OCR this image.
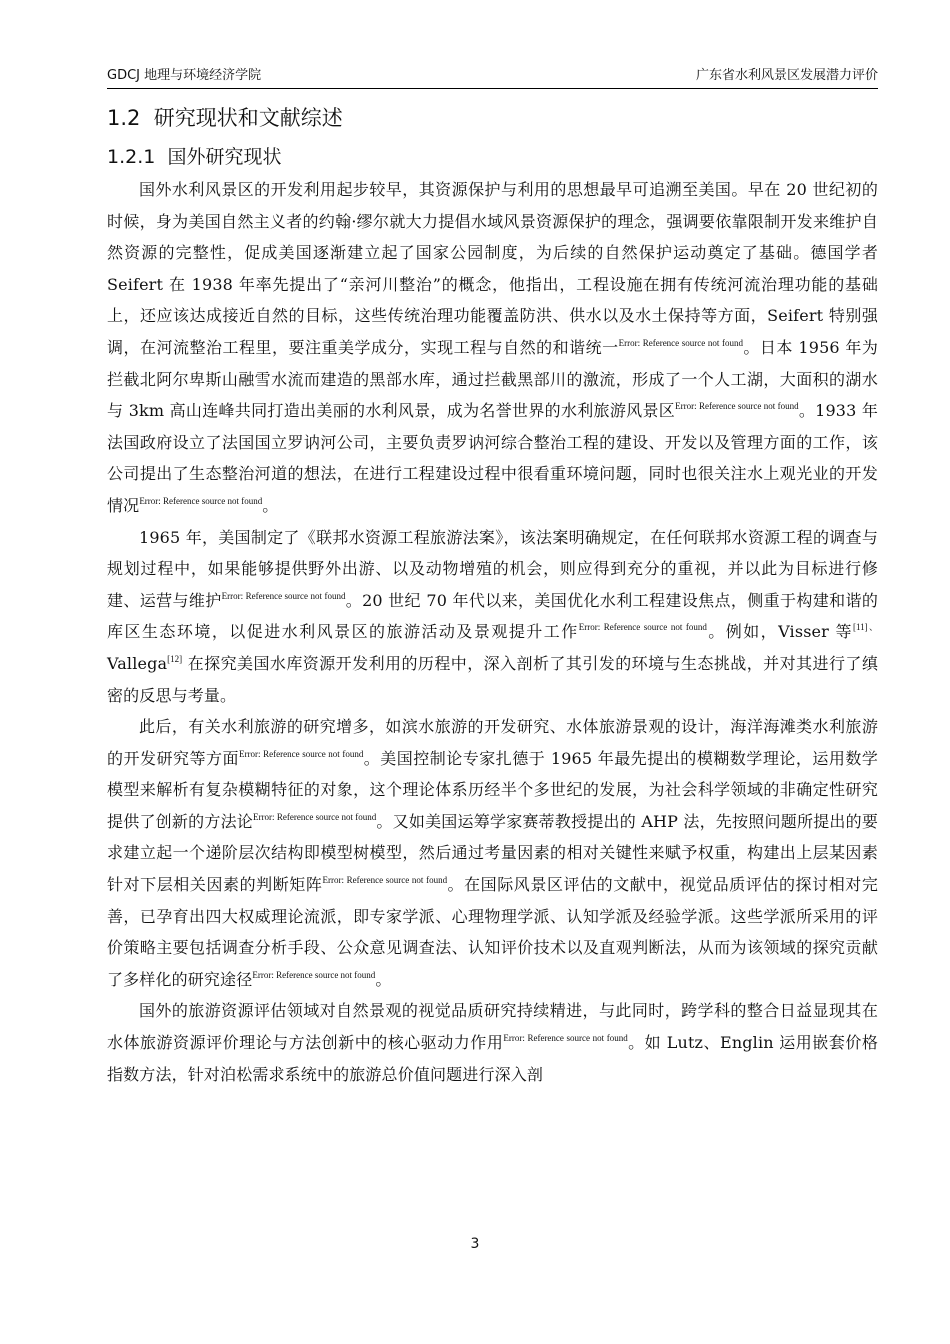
GDCJ 地理与环境经济学院	广东省水利风景区发展潜力评价
1.2 研究现状和文献综述
1.2.1 国外研究现状

国外水利风景区的开发利用起步较早，其资源保护与利用的思想最早可追溯至美国。早在 20 世纪初的时候，身为美国自然主义者的约翰·缪尔就大力提倡水域风景资源保护的理念，强调要依靠限制开发来维护自然资源的完整性，促成美国逐渐建立起了国家公园制度，为后续的自然保护运动奠定了基础。德国学者 Seifert 在 1938 年率先提出了“亲河川整治”的概念，他指出，工程设施在拥有传统河流治理功能的基础上，还应该达成接近自然的目标，这些传统治理功能覆盖防洪、供水以及水土保持等方面，Seifert 特别强调，在河流整治工程里，要注重美学成分，实现工程与自然的和谐统一$^{Error: Reference source not found}$。日本 1956 年为拦截北阿尔卑斯山融雪水流而建造的黑部水库，通过拦截黑部川的激流，形成了一个人工湖，大面积的湖水与 3km 高山连峰共同打造出美丽的水利风景，成为名誉世界的水利旅游风景区$^{Error: Reference source not found}$。1933 年法国政府设立了法国国立罗讷河公司，主要负责罗讷河综合整治工程的建设、开发以及管理方面的工作，该公司提出了生态整治河道的想法，在进行工程建设过程中很看重环境问题，同时也很关注水上观光业的开发情况$^{Error: Reference source not found}$。

1965 年，美国制定了《联邦水资源工程旅游法案》，该法案明确规定，在任何联邦水资源工程的调查与规划过程中，如果能够提供野外出游、以及动物增殖的机会，则应得到充分的重视，并以此为目标进行修建、运营与维护$^{Error: Reference source not found}$。20 世纪 70 年代以来，美国优化水利工程建设焦点，侧重于构建和谐的库区生态环境，以促进水利风景区的旅游活动及景观提升工作$^{Error: Reference source not found}$。例如，Visser 等$^{[11]、}$Vallega[12] 在探究美国水库资源开发利用的历程中，深入剖析了其引发的环境与生态挑战，并对其进行了缜密的反思与考量。

此后，有关水利旅游的研究增多，如滨水旅游的开发研究、水体旅游景观的设计，海洋海滩类水利旅游的开发研究等方面$^{Error: Reference source not found}$。美国控制论专家扎德于 1965 年最先提出的模糊数学理论，运用数学模型来解析有复杂模糊特征的对象，这个理论体系历经半个多世纪的发展，为社会科学领域的非确定性研究提供了创新的方法论$^{Error: Reference source not found}$。又如美国运筹学家赛蒂教授提出的 AHP 法，先按照问题所提出的要求建立起一个递阶层次结构即模型树模型，然后通过考量因素的相对关键性来赋予权重，构建出上层某因素针对下层相关因素的判断矩阵$^{Error: Reference source not found}$。在国际风景区评估的文献中，视觉品质评估的探讨相对完善，已孕育出四大权威理论流派，即专家学派、心理物理学派、认知学派及经验学派。这些学派所采用的评价策略主要包括调查分析手段、公众意见调查法、认知评价技术以及直观判断法，从而为该领域的探究贡献了多样化的研究途径$^{Error: Reference source not found}$。

国外的旅游资源评估领域对自然景观的视觉品质研究持续精进，与此同时，跨学科的整合日益显现其在水体旅游资源评价理论与方法创新中的核心驱动力作用$^{Error: Reference source not found}$。如 Lutz、Englin 运用嵌套价格指数方法，针对泊松需求系统中的旅游总价值问题进行深入剖

3
